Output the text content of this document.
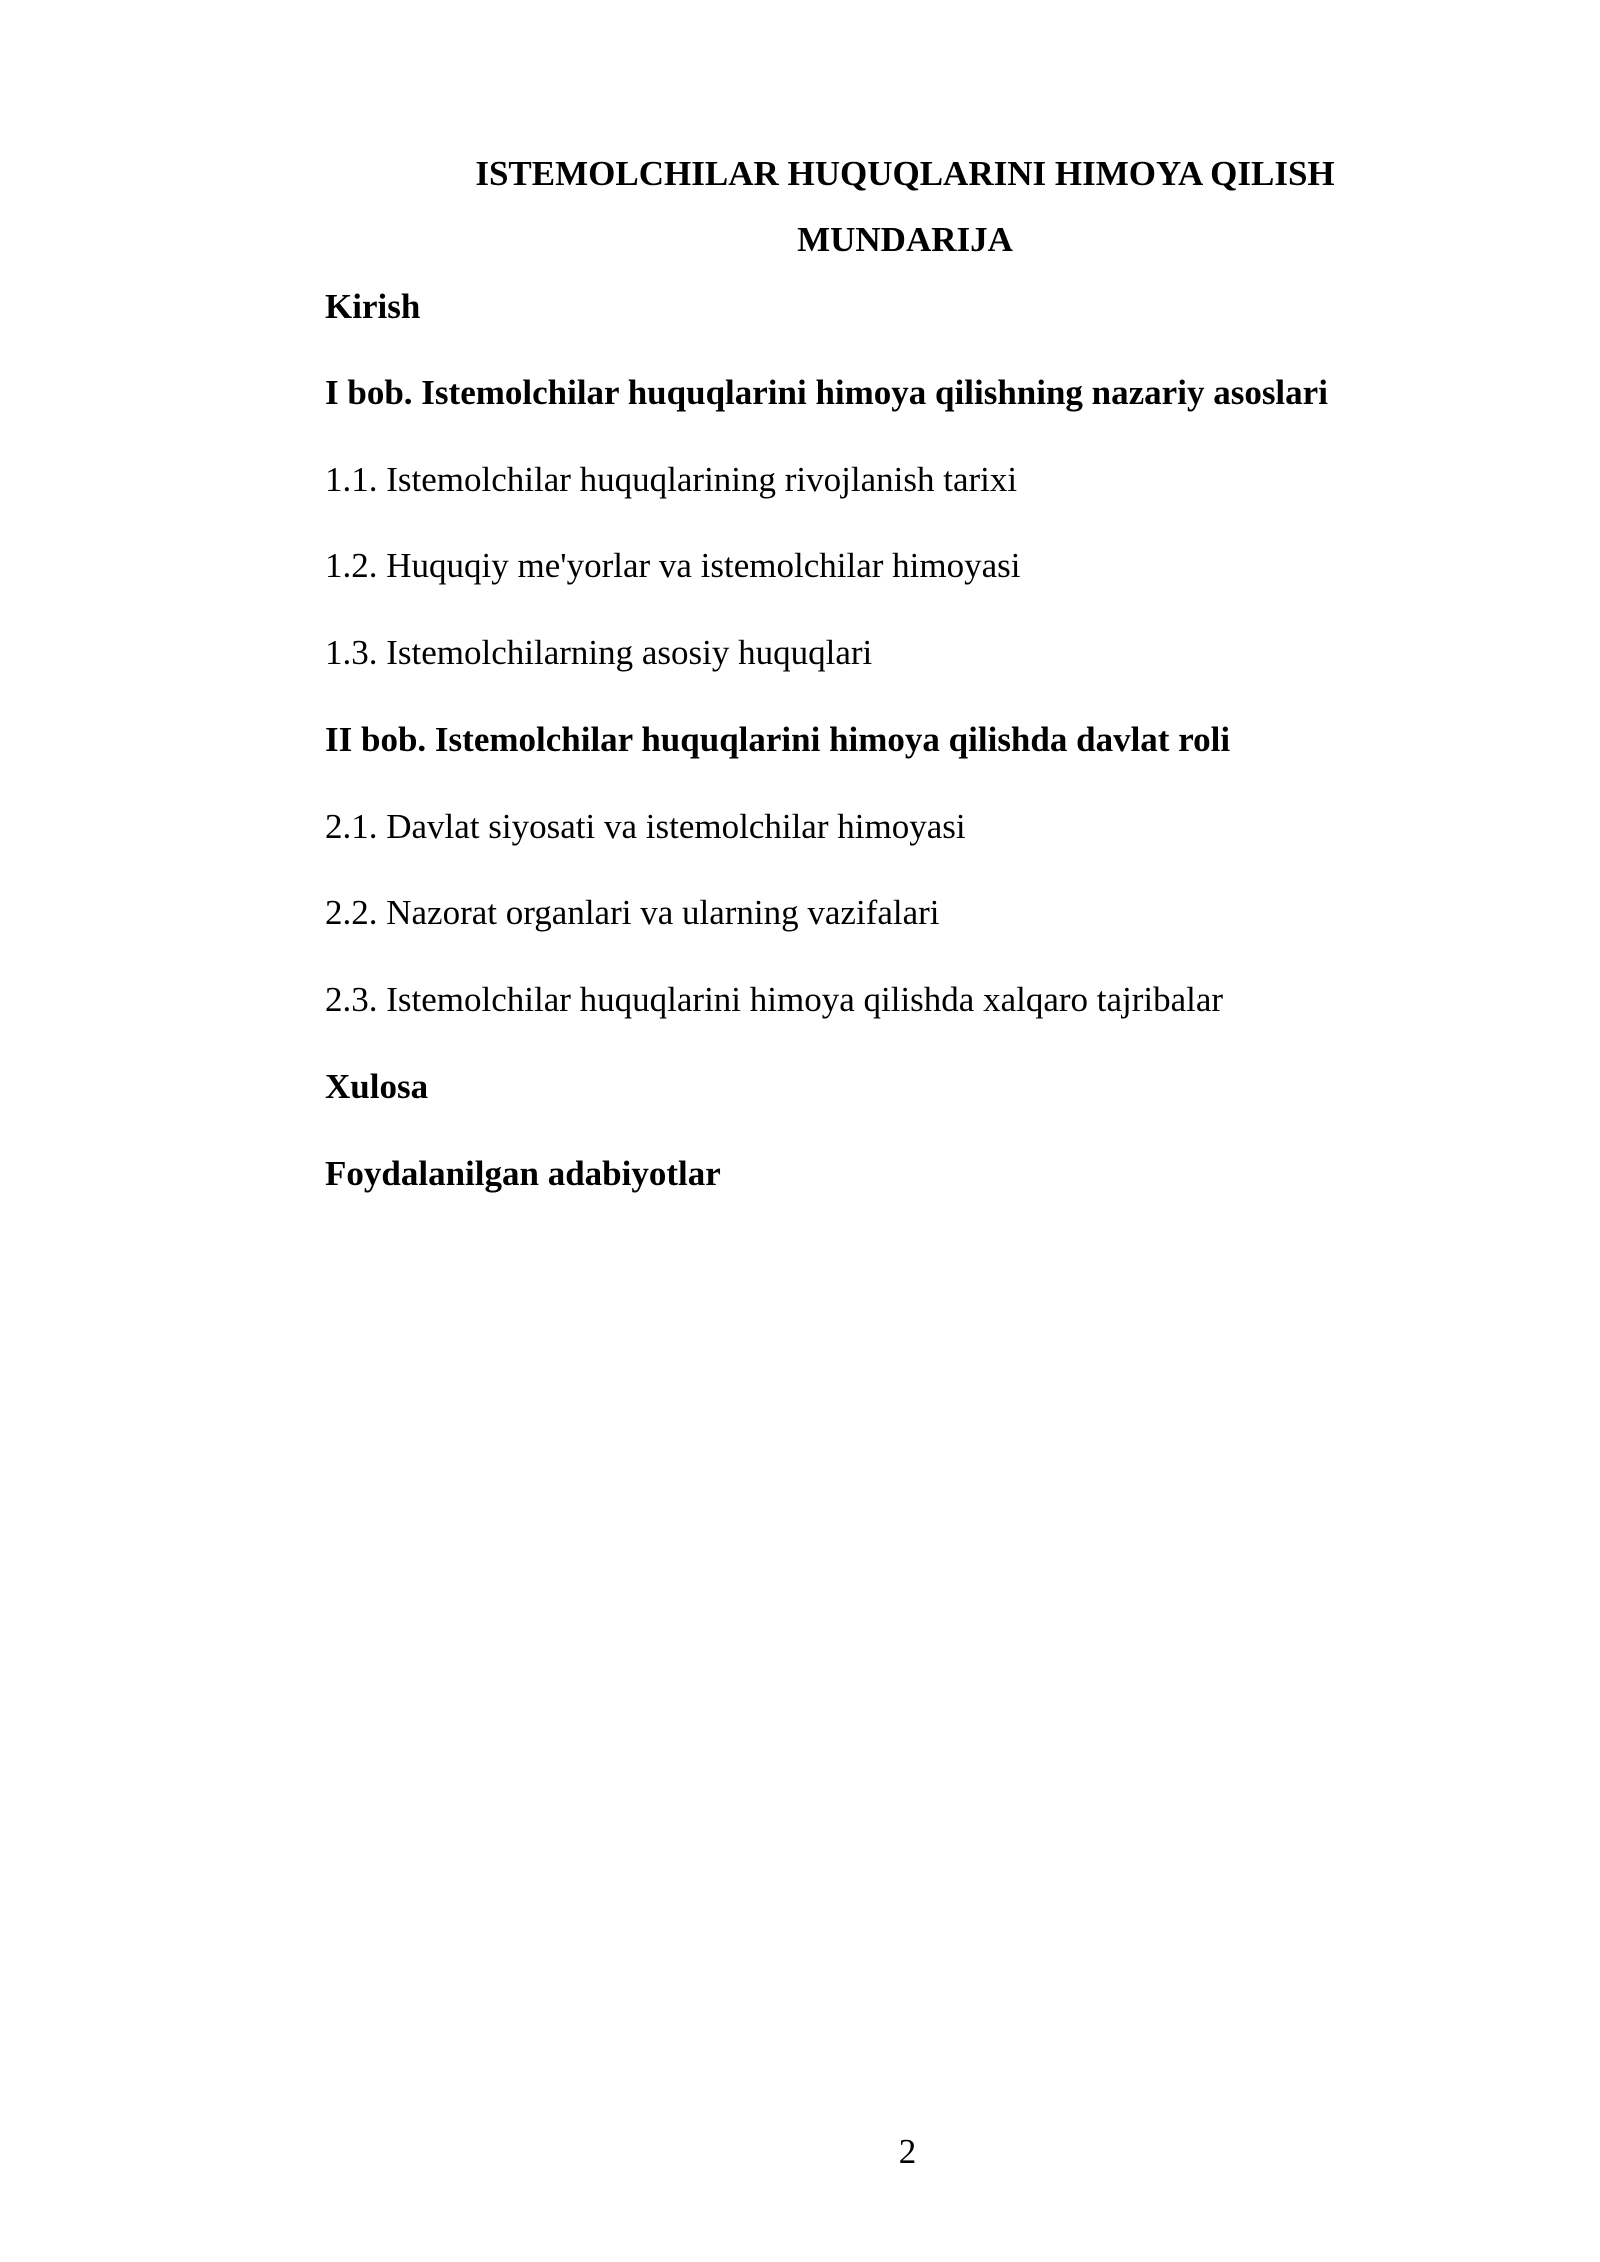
ISTEMOLCHILAR HUQUQLARINI HIMOYA QILISH
MUNDARIJA
Kirish
I bob. Istemolchilar huquqlarini himoya qilishning nazariy asoslari
1.1. Istemolchilar huquqlarining rivojlanish tarixi
1.2. Huquqiy me'yorlar va istemolchilar himoyasi
1.3. Istemolchilarning asosiy huquqlari
II bob. Istemolchilar huquqlarini himoya qilishda davlat roli
2.1. Davlat siyosati va istemolchilar himoyasi
2.2. Nazorat organlari va ularning vazifalari
2.3. Istemolchilar huquqlarini himoya qilishda xalqaro tajribalar
Xulosa
Foydalanilgan adabiyotlar
2
